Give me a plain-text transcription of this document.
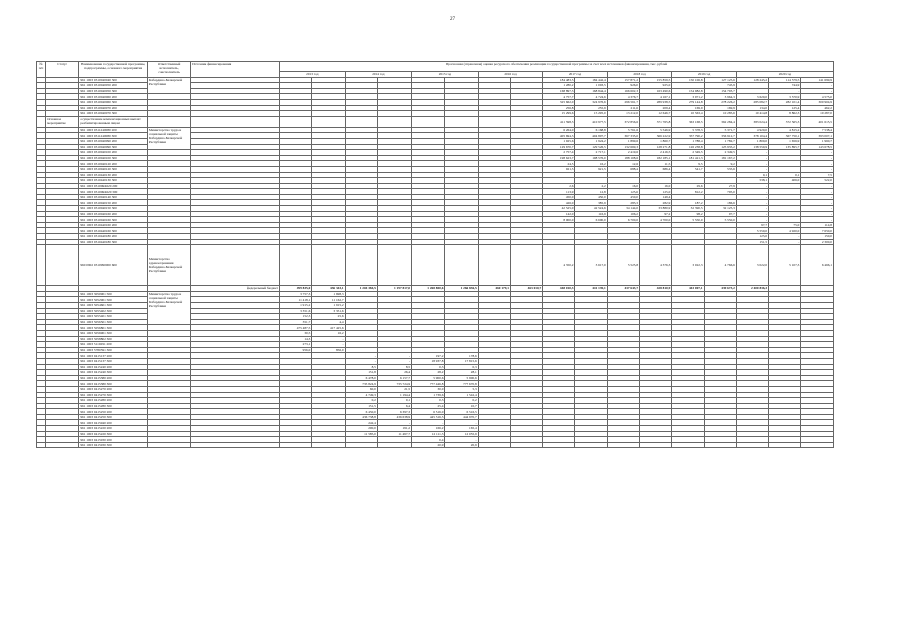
27
№ п/п	Статус	Наименование государственной программы, подпрограммы, основного мероприятия	Ответственный исполнитель, соисполнитель	Источник финансирования	Прогнозная (справочная) оценка ресурсного обеспечения реализации государственной программы за счет всех источников финансирования, тыс. рублей																
					2013 год		2014 год		2015 год		2016 год		2017 год		2018 год		2019 год		2020 год		
		961 1003 0310040040 300	Кабардино-Балкарской Республики										184 483,5	184 442,4	157 871,2	155 859,5	150 106,8	127 125,6	128 245,2	114 579,5	141 699,9
		961 1003 0310040050 200											1 280,2	1 093,5	926,0	925,0		745,9		744,9	-
		961 1003 0310040050 300											168 897,3	168 844,4	166 602,3	163 490,6	154 982,8	154 793,7		-	-
		961 1003 0310040060 200											4 757,7	4 724,6	4 376,7	4 167,1	3 971,2	3 964,3	3 620,0	3 570,9	4 575,0
		961 1003 0310040060 300											325 662,0	324 976,6	296 561,7	289 938,5	279 144,8	278 226,2	285 082,7	282 101,4	300 904,9
		961 1003 0310040070 200											256,8	255,9	211,6	209,4	169,9	169,9	134,0	125,4	462,2
		961 1003 0310040070 300											15 299,6	15 295,0	13 212,0	12 646,7	10 563,4	10 285,6	10 414,8	8 862,3	10 287,0
	Основное мероприятие	осуществление компенсационных выплат реабилитированным лицам											411 598,3	410 977,5	372 856,6	371 765,8	363 168,5	362 284,4	383 024,4	372 565,3	401 615,5
		961 1003 0311240080 200	Министерство труда и социальной защиты Кабардино-Балкарской Республики										6 264,0	6 168,8	5 761,6	5 546,9	5 378,3	5 371,7	4 920,0	4 815,2	7 538,4
		961 1003 0311240080 300											405 694,3	404 807,7	367 335,0	366 222,9	357 790,2	356 912,7	378 104,4	367 750,1	393 007,1
		961 1003 0310040090 200											1 925,6	1 924,2	1 899,6	1 860,7	1 788,4	1 782,7	1 800,0	1 656,9	1 960,7
		961 1003 0310040090 300											129 670,7	129 526,5	132 669,3	128 271,8	126 238,8	125 935,2	138 550,9	135 895,7	143 678,5
		961 1003 0310040100 200											2 757,4	2 717,1	2 419,6	2 416,5	2 349,5	2 349,5	-		-
		961 1003 0310040100 300											198 623,7	198 576,0	188 108,6	182 185,1	181 421,3	181 167,2	-		-
		961 1003 0310040120 200											24,5	16,2	12,6	11,5	9,5	9,2	-		-
		961 1003 0310040120 300											921,5	921,5	688,4	686,4	541,7	535,6	-		-
		961 1003 0310440130 200																	0,1	0,1	7,5
		961 1003 0310440130 300																	538,1	406,0	522,0
		961 1003 03100R4620 200											2,6	2,2	16,0	16,0	29,6	27,9	-		-
		961 1003 03100R4620 300											113,9	12,8	125,6	125,0	812,2	795,0	-		-
		961 1003 0310040140 300											450,0	450,0	450,0	149,4			-		-
		961 1003 0310040150 200											426,0	385,9	283,3	282,9	187,2	186,6	-		-
		961 1003 0310040150 300											42 525,0	42 524,6	34 144,0	33 880,9	32 390,5	32 125,3	-		-
		961 1003 0310040160 200											142,0	116,9	106,2	97,2	98,2	97,7	-		-
		961 1003 0310040160 300											8 000,0	6 600,0	6 700,0	4 700,0	5 550,0	5 550,0	-		-
		961 1003 0310440160 200																	97,7	75,0	114,8
		961 1003 0310440160 300																	5 550,0	4 920,0	7 650,0
		961 1003 0310440180 200																	125,0	-	150,0
		961 1003 0310440180 300																	151,5	-	2 300,0
		960 0902 0310990000 600	Министерство здравоохранения Кабардино-Балкарской Республики										4 350,2	3 617,0	5 525,8	4 376,3	3 022,3	4 766,6	3 022,0	5 107,3	6 466,1
				федеральный бюджет	499 835,0	436 343,1	1 204 384,5	1 197 817,0	1 268 800,6	1 266 836,5	460 179,1	463 010,7	448 010,3	441 139,1	437 643,7	428 810,9	443 007,1	439 673,2	2 400 836,3		
		961 1003 3050901 500	Министерство труда и социальной защиты Кабардино-Балкарской Республики		3 757,3	1 698,3															
		961 1003 5052901 500			11 418,1	11 162,7															
		961 1003 5054601 300			1 915,2	1 915,2															
		961 1003 5055402 300			3 351,6	3 351,6															
		961 1003 5055401 300			152,3	25,6															
		961 1003 5056501 300			351,7	4,4															
		961 1003 5056801 300			475 487,5	417 425,6															
		961 1003 5056901 300			30,5	16,2															
		961 1003 5058802 300			14,3	-															
		961 1003 5110291 200			273,1	-															
		961 1003 5780591 300			956,0	856,0															
		961 1003 0415137 200					-	-	197,2	178,6											
		961 1003 0415137 300					-	-	18 937,8	17 815,6											
		961 1003 0415240 200					8,5	8,5	0,3	0,3											
		961 1003 0415240 300					151,8	26,4	28,2	28,1											
		961 1003 0415380 200					6 478,0	6 157,7	5 900,6	5 900,6											
		961 1003 0415380 300					735 824,9	735 724,9	777 446,8	777 670,8											
		961 1003 0415270 200					60,0	21,5	30,0	5,3											
		961 1003 0415270 300					4 749,3	1 194,4	1 739,6	1 542,4											
		961 1003 0415280 200					0,2	0,1	0,3	0,2											
		961 1003 0415280 300					151,5	6,4	25,4	10,7											
		961 1003 0415250 200					6 450,0	6 397,3	6 516,0	6 516,5											
		961 1003 0415250 300					436 738,8	436 638,9	445 316,5	444 970,7											
		961 1003 0415940 200					242,4	-	-	-											
		961 1003 0415220 200					200,0	191,2	166,2	165,4											
		961 1003 0415220 300					11 585,0	11 497,7	12 111,3	12 055,9											
		961 1003 0415930 200							0,4	-											
		961 1003 0415930 300							20,9	20,9											
